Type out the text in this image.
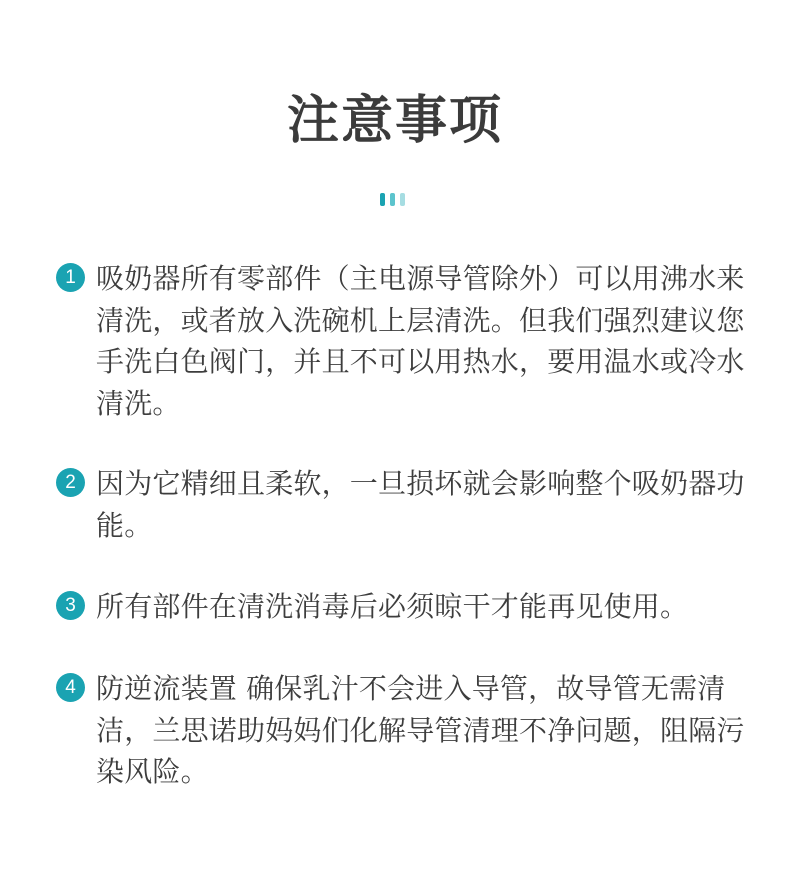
注意事项
1 吸奶器所有零部件（主电源导管除外）可以用沸水来清洗，或者放入洗碗机上层清洗。但我们强烈建议您手洗白色阀门，并且不可以用热水，要用温水或冷水清洗。
2 因为它精细且柔软，一旦损坏就会影响整个吸奶器功能。
3 所有部件在清洗消毒后必须晾干才能再见使用。
4 防逆流装置 确保乳汁不会进入导管，故导管无需清洁，兰思诺助妈妈们化解导管清理不净问题，阻隔污染风险。
